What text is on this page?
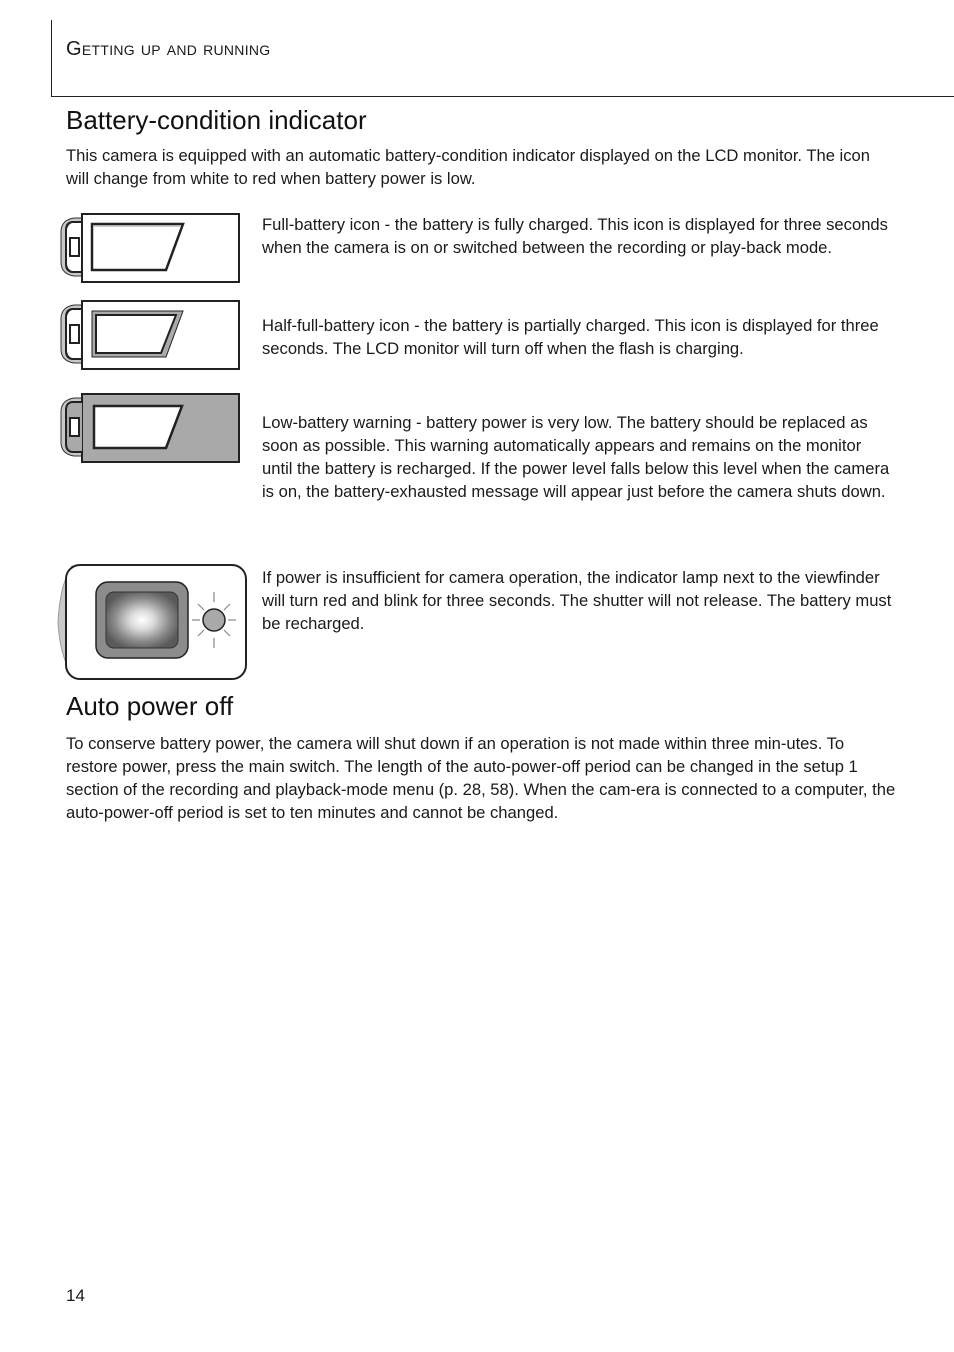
Getting up and running
Battery-condition indicator

This camera is equipped with an automatic battery-condition indicator displayed on the LCD monitor. The icon will change from white to red when battery power is low.

Full-battery icon - the battery is fully charged. This icon is displayed for three seconds when the camera is on or switched between the recording or play-back mode.

Half-full-battery icon - the battery is partially charged. This icon is displayed for three seconds. The LCD monitor will turn off when the flash is charging.

Low-battery warning - battery power is very low. The battery should be replaced as soon as possible. This warning automatically appears and remains on the monitor until the battery is recharged. If the power level falls below this level when the camera is on, the battery-exhausted message will appear just before the camera shuts down.

If power is insufficient for camera operation, the indicator lamp next to the viewfinder will turn red and blink for three seconds. The shutter will not release. The battery must be recharged.

Auto power off

To conserve battery power, the camera will shut down if an operation is not made within three min-utes. To restore power, press the main switch. The length of the auto-power-off period can be changed in the setup 1 section of the recording and playback-mode menu (p. 28, 58). When the cam-era is connected to a computer, the auto-power-off period is set to ten minutes and cannot be changed.

14
